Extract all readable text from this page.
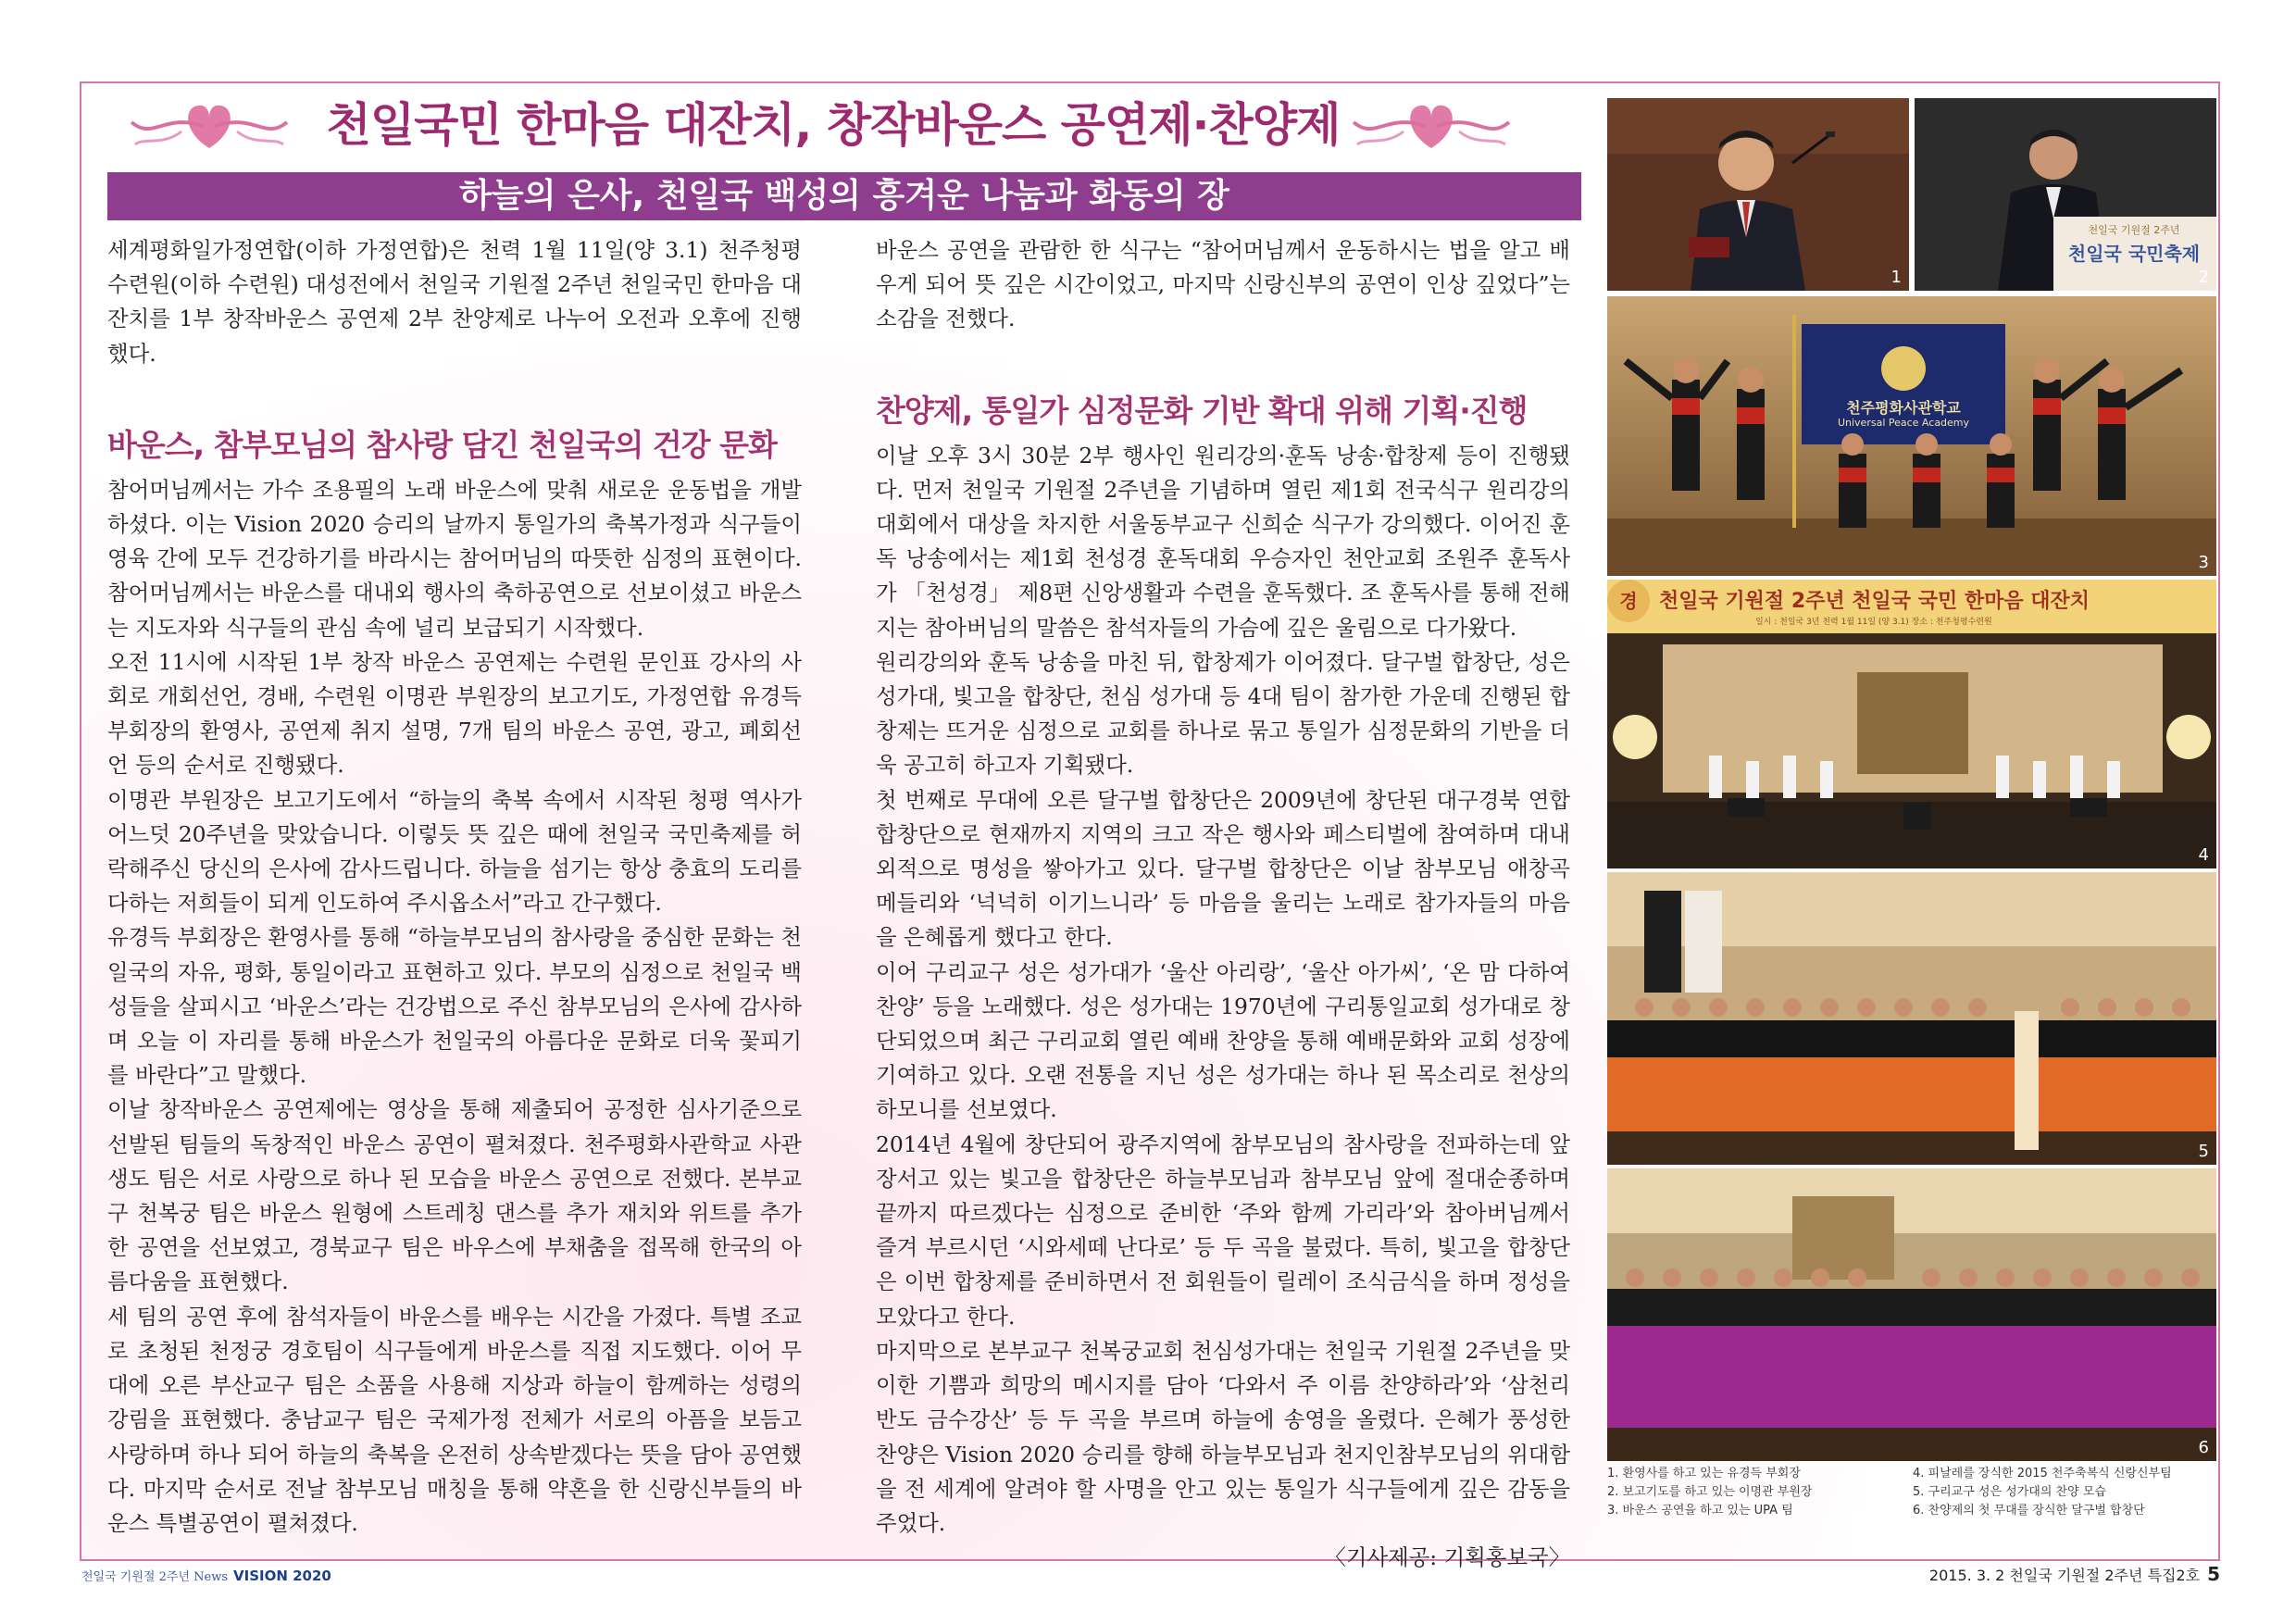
천일국민 한마음 대잔치, 창작바운스 공연제·찬양제
하늘의 은사, 천일국 백성의 흥겨운 나눔과 화동의 장

세계평화일가정연합(이하 가정연합)은 천력 1월 11일(양 3.1) 천주청평수련원(이하 수련원) 대성전에서 천일국 기원절 2주년 천일국민 한마음 대잔치를 1부 창작바운스 공연제 2부 찬양제로 나누어 오전과 오후에 진행했다.

바운스, 참부모님의 참사랑 담긴 천일국의 건강 문화

참어머님께서는 가수 조용필의 노래 바운스에 맞춰 새로운 운동법을 개발하셨다. 이는 Vision 2020 승리의 날까지 통일가의 축복가정과 식구들이 영육 간에 모두 건강하기를 바라시는 참어머님의 따뜻한 심정의 표현이다. 참어머님께서는 바운스를 대내외 행사의 축하공연으로 선보이셨고 바운스는 지도자와 식구들의 관심 속에 널리 보급되기 시작했다.

오전 11시에 시작된 1부 창작 바운스 공연제는 수련원 문인표 강사의 사회로 개회선언, 경배, 수련원 이명관 부원장의 보고기도, 가정연합 유경득 부회장의 환영사, 공연제 취지 설명, 7개 팀의 바운스 공연, 광고, 폐회선언 등의 순서로 진행됐다.

이명관 부원장은 보고기도에서 “하늘의 축복 속에서 시작된 청평 역사가 어느덧 20주년을 맞았습니다. 이렇듯 뜻 깊은 때에 천일국 국민축제를 허락해주신 당신의 은사에 감사드립니다. 하늘을 섬기는 항상 충효의 도리를 다하는 저희들이 되게 인도하여 주시옵소서”라고 간구했다.

유경득 부회장은 환영사를 통해 “하늘부모님의 참사랑을 중심한 문화는 천일국의 자유, 평화, 통일이라고 표현하고 있다. 부모의 심정으로 천일국 백성들을 살피시고 ‘바운스’라는 건강법으로 주신 참부모님의 은사에 감사하며 오늘 이 자리를 통해 바운스가 천일국의 아름다운 문화로 더욱 꽃피기를 바란다”고 말했다.

이날 창작바운스 공연제에는 영상을 통해 제출되어 공정한 심사기준으로 선발된 팀들의 독창적인 바운스 공연이 펼쳐졌다. 천주평화사관학교 사관생도 팀은 서로 사랑으로 하나 된 모습을 바운스 공연으로 전했다. 본부교구 천복궁 팀은 바운스 원형에 스트레칭 댄스를 추가 재치와 위트를 추가한 공연을 선보였고, 경북교구 팀은 바우스에 부채춤을 접목해 한국의 아름다움을 표현했다.

세 팀의 공연 후에 참석자들이 바운스를 배우는 시간을 가졌다. 특별 조교로 초청된 천정궁 경호팀이 식구들에게 바운스를 직접 지도했다. 이어 무대에 오른 부산교구 팀은 소품을 사용해 지상과 하늘이 함께하는 성령의 강림을 표현했다. 충남교구 팀은 국제가정 전체가 서로의 아픔을 보듬고 사랑하며 하나 되어 하늘의 축복을 온전히 상속받겠다는 뜻을 담아 공연했다. 마지막 순서로 전날 참부모님 매칭을 통해 약혼을 한 신랑신부들의 바운스 특별공연이 펼쳐졌다.

바운스 공연을 관람한 한 식구는 “참어머님께서 운동하시는 법을 알고 배우게 되어 뜻 깊은 시간이었고, 마지막 신랑신부의 공연이 인상 깊었다”는 소감을 전했다.

찬양제, 통일가 심정문화 기반 확대 위해 기획·진행

이날 오후 3시 30분 2부 행사인 원리강의·훈독 낭송·합창제 등이 진행됐다. 먼저 천일국 기원절 2주년을 기념하며 열린 제1회 전국식구 원리강의 대회에서 대상을 차지한 서울동부교구 신희순 식구가 강의했다. 이어진 훈독 낭송에서는 제1회 천성경 훈독대회 우승자인 천안교회 조원주 훈독사가 「천성경」 제8편 신앙생활과 수련을 훈독했다. 조 훈독사를 통해 전해지는 참아버님의 말씀은 참석자들의 가슴에 깊은 울림으로 다가왔다.

원리강의와 훈독 낭송을 마친 뒤, 합창제가 이어졌다. 달구벌 합창단, 성은 성가대, 빛고을 합창단, 천심 성가대 등 4대 팀이 참가한 가운데 진행된 합창제는 뜨거운 심정으로 교회를 하나로 묶고 통일가 심정문화의 기반을 더욱 공고히 하고자 기획됐다.

첫 번째로 무대에 오른 달구벌 합창단은 2009년에 창단된 대구경북 연합 합창단으로 현재까지 지역의 크고 작은 행사와 페스티벌에 참여하며 대내외적으로 명성을 쌓아가고 있다. 달구벌 합창단은 이날 참부모님 애창곡 메들리와 ‘넉넉히 이기느니라’ 등 마음을 울리는 노래로 참가자들의 마음을 은혜롭게 했다고 한다.

이어 구리교구 성은 성가대가 ‘울산 아리랑’, ‘울산 아가씨’, ‘온 맘 다하여 찬양’ 등을 노래했다. 성은 성가대는 1970년에 구리통일교회 성가대로 창단되었으며 최근 구리교회 열린 예배 찬양을 통해 예배문화와 교회 성장에 기여하고 있다. 오랜 전통을 지닌 성은 성가대는 하나 된 목소리로 천상의 하모니를 선보였다.

2014년 4월에 창단되어 광주지역에 참부모님의 참사랑을 전파하는데 앞장서고 있는 빛고을 합창단은 하늘부모님과 참부모님 앞에 절대순종하며 끝까지 따르겠다는 심정으로 준비한 ‘주와 함께 가리라’와 참아버님께서 즐겨 부르시던 ‘시와세떼 난다로’ 등 두 곡을 불렀다. 특히, 빛고을 합창단은 이번 합창제를 준비하면서 전 회원들이 릴레이 조식금식을 하며 정성을 모았다고 한다.

마지막으로 본부교구 천복궁교회 천심성가대는 천일국 기원절 2주년을 맞이한 기쁨과 희망의 메시지를 담아 ‘다와서 주 이름 찬양하라’와 ‘삼천리 반도 금수강산’ 등 두 곡을 부르며 하늘에 송영을 올렸다. 은혜가 풍성한 찬양은 Vision 2020 승리를 향해 하늘부모님과 천지인참부모님의 위대함을 전 세계에 알려야 할 사명을 안고 있는 통일가 식구들에게 깊은 감동을 주었다.

〈기사제공: 기획홍보국〉

1
천일국 기원절 2주년
천일국 국민축제
2
천주평화사관학교
Universal Peace Academy
3
경	천일국 기원절 2주년 천일국 국민 한마음 대잔치
일시 : 천일국 3년 천력 1월 11일 (양 3.1) 장소 : 천주청평수련원
4
5
6
1. 환영사를 하고 있는 유경득 부회장
2. 보고기도를 하고 있는 이명관 부원장
3. 바운스 공연을 하고 있는 UPA 팀
4. 피날레를 장식한 2015 천주축복식 신랑신부팀
5. 구리교구 성은 성가대의 찬양 모습
6. 찬양제의 첫 무대를 장식한 달구벌 합창단
천일국 기원절 2주년 News VISION 2020	2015. 3. 2 천일국 기원절 2주년 특집2호 5
